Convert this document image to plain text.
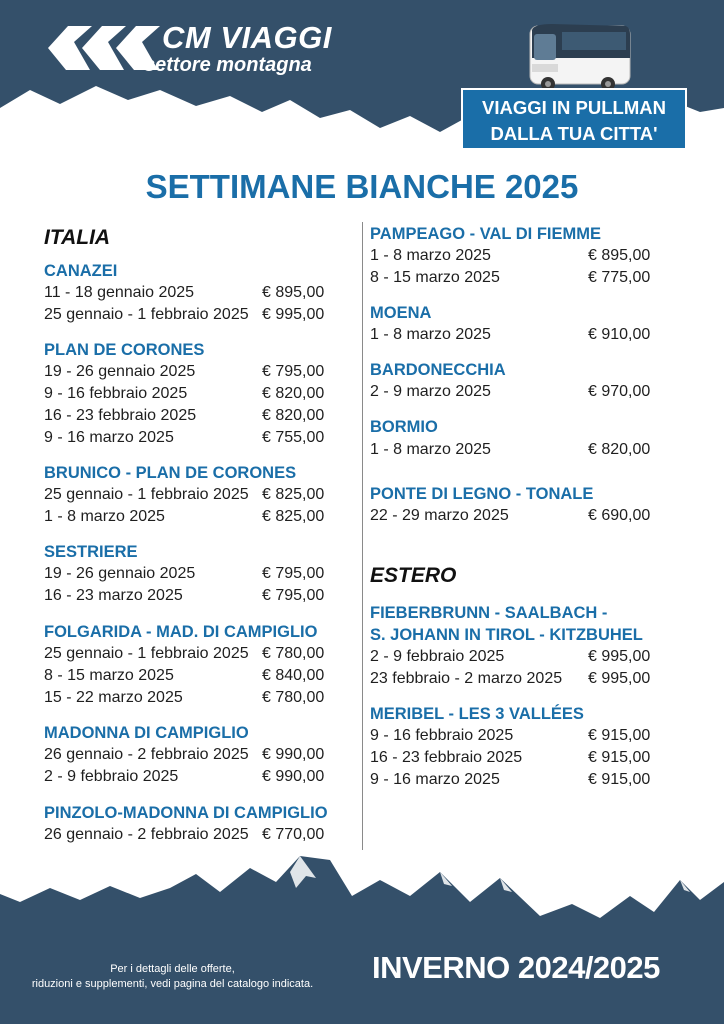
CM VIAGGI
settore montagna
VIAGGI IN PULLMAN
DALLA TUA CITTA'
SETTIMANE BIANCHE 2025
ITALIA
CANAZEI
11 - 18 gennaio 2025	€ 895,00
25 gennaio - 1 febbraio 2025 € 995,00
PLAN DE CORONES
19 - 26 gennaio 2025	€ 795,00
9 - 16 febbraio 2025	€ 820,00
16 - 23 febbraio 2025	€ 820,00
9 - 16 marzo 2025	€ 755,00
BRUNICO - PLAN DE CORONES
25 gennaio - 1 febbraio 2025 € 825,00
1 - 8 marzo 2025	€ 825,00
SESTRIERE
19 - 26 gennaio 2025	€ 795,00
16 - 23 marzo 2025	€ 795,00
FOLGARIDA - MAD. DI CAMPIGLIO
25 gennaio - 1 febbraio 2025 € 780,00
8 - 15 marzo 2025	€ 840,00
15 - 22 marzo 2025	€ 780,00
MADONNA DI CAMPIGLIO
26 gennaio - 2 febbraio 2025 € 990,00
2 - 9 febbraio 2025	€ 990,00
PINZOLO-MADONNA DI CAMPIGLIO
26 gennaio - 2 febbraio 2025 € 770,00
PAMPEAGO - VAL DI FIEMME
1 - 8 marzo 2025	€ 895,00
8 - 15 marzo 2025	€ 775,00
MOENA
1 - 8 marzo 2025	€ 910,00
BARDONECCHIA
2 - 9 marzo 2025	€ 970,00
BORMIO
1 - 8 marzo 2025	€ 820,00
PONTE DI LEGNO - TONALE
22 - 29 marzo 2025	€ 690,00
ESTERO
FIEBERBRUNN - SAALBACH -
S. JOHANN IN TIROL - KITZBUHEL
2 - 9 febbraio 2025	€ 995,00
23 febbraio - 2 marzo 2025 € 995,00
MERIBEL - LES 3 VALLÉES
9 - 16 febbraio 2025	€ 915,00
16 - 23 febbraio 2025	€ 915,00
9 - 16 marzo 2025	€ 915,00
Per i dettagli delle offerte,
riduzioni e supplementi, vedi pagina del catalogo indicata.	INVERNO 2024/2025
